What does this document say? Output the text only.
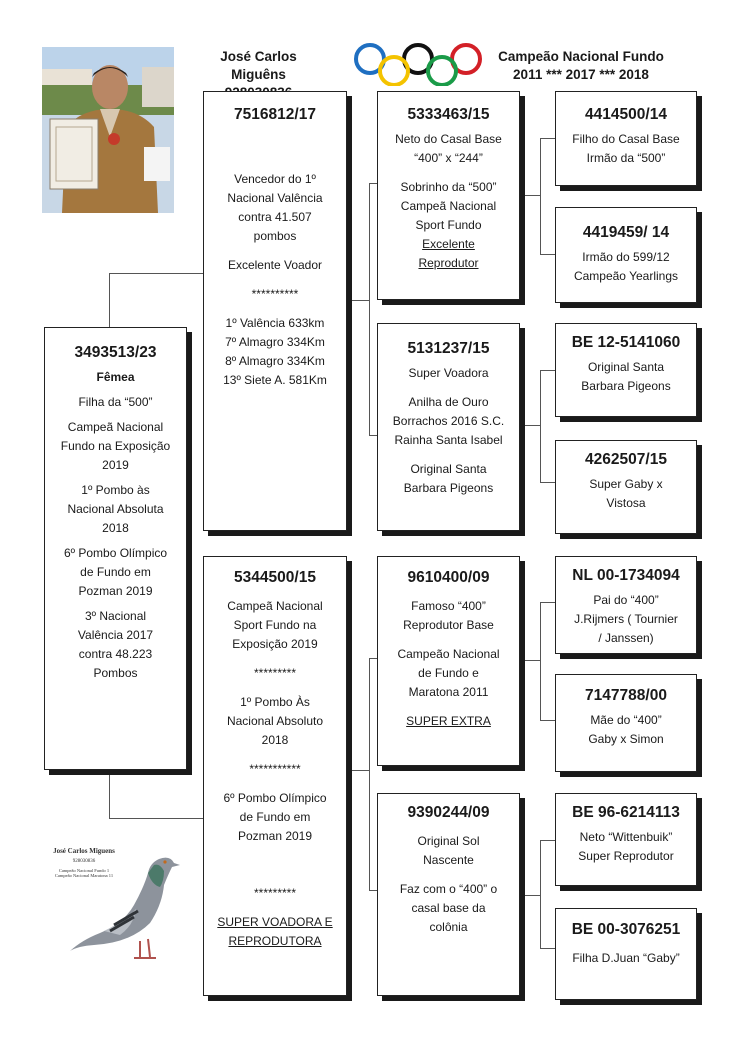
José Carlos Miguêns
Campeão Nacional Fundo
2011 *** 2017 *** 2018
3493513/23
Fêmea
Filha da “500”
Campeã Nacional
Fundo na Exposição
2019
1º Pombo às
Nacional Absoluta
2018
6º Pombo Olímpico
de Fundo em
Pozman 2019
3º Nacional
Valência 2017
contra 48.223
Pombos
7516812/17
Vencedor do 1º
Nacional Valência
contra 41.507
pombos
Excelente Voador
**********
1º Valência 633km
7º Almagro 334Km
8º Almagro 334Km
13º Siete A. 581Km
5344500/15
Campeã Nacional
Sport Fundo na
Exposição 2019
*********
1º Pombo Às
Nacional Absoluto
2018
***********
6º Pombo Olímpico
de Fundo em
Pozman 2019
*********
SUPER VOADORA E
REPRODUTORA
5333463/15
Neto do Casal Base
“400” x “244”
Sobrinho da “500”
Campeã Nacional
Sport Fundo
Excelente
Reprodutor
5131237/15
Super Voadora
Anilha de Ouro
Borrachos 2016 S.C.
Rainha Santa Isabel
Original Santa
Barbara Pigeons
9610400/09
Famoso “400”
Reprodutor Base
Campeão Nacional
de Fundo e
Maratona 2011
SUPER EXTRA
9390244/09
Original Sol
Nascente
Faz com o “400” o
casal base da
colônia
4414500/14
Filho do Casal Base
Irmão da “500”
4419459/ 14
Irmão do 599/12
Campeão Yearlings
BE 12-5141060
Original Santa
Barbara Pigeons
4262507/15
Super Gaby x
Vistosa
NL 00-1734094
Pai do “400”
J.Rijmers ( Tournier
/ Janssen)
7147788/00
Mãe do “400”
Gaby x Simon
BE 96-6214113
Neto “Wittenbuik”
Super Reprodutor
BE 00-3076251
Filha D.Juan “Gaby”
José Carlos Miguens
928030836
Campeão Nacional Fundo 1
Campeão Nacional Maratona 11
